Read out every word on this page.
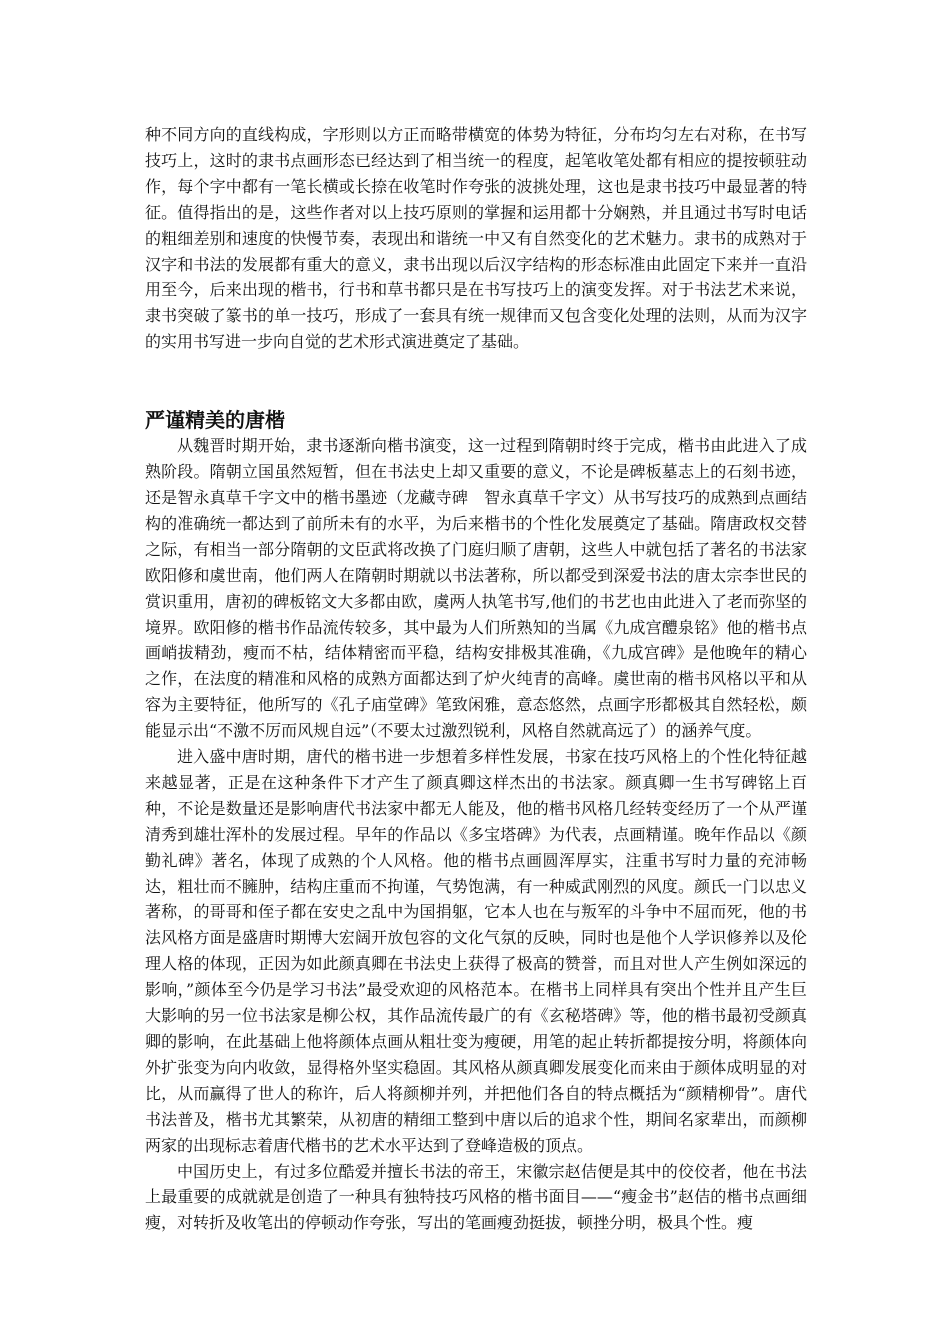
种不同方向的直线构成，字形则以方正而略带横宽的体势为特征，分布均匀左右对称，在书写技巧上，这时的隶书点画形态已经达到了相当统一的程度，起笔收笔处都有相应的提按顿驻动作，每个字中都有一笔长横或长捺在收笔时作夸张的波挑处理，这也是隶书技巧中最显著的特征。值得指出的是，这些作者对以上技巧原则的掌握和运用都十分娴熟，并且通过书写时电话的粗细差别和速度的快慢节奏，表现出和谐统一中又有自然变化的艺术魅力。隶书的成熟对于汉字和书法的发展都有重大的意义，隶书出现以后汉字结构的形态标准由此固定下来并一直沿用至今，后来出现的楷书，行书和草书都只是在书写技巧上的演变发挥。对于书法艺术来说，隶书突破了篆书的单一技巧，形成了一套具有统一规律而又包含变化处理的法则，从而为汉字的实用书写进一步向自觉的艺术形式演进奠定了基础。

严谨精美的唐楷

从魏晋时期开始，隶书逐渐向楷书演变，这一过程到隋朝时终于完成，楷书由此进入了成熟阶段。隋朝立国虽然短暂，但在书法史上却又重要的意义，不论是碑板墓志上的石刻书迹，还是智永真草千字文中的楷书墨迹（龙藏寺碑　智永真草千字文）从书写技巧的成熟到点画结构的准确统一都达到了前所未有的水平，为后来楷书的个性化发展奠定了基础。隋唐政权交替之际，有相当一部分隋朝的文臣武将改换了门庭归顺了唐朝，这些人中就包括了著名的书法家欧阳修和虞世南，他们两人在隋朝时期就以书法著称，所以都受到深爱书法的唐太宗李世民的赏识重用，唐初的碑板铭文大多都由欧，虞两人执笔书写,他们的书艺也由此进入了老而弥坚的境界。欧阳修的楷书作品流传较多，其中最为人们所熟知的当属《九成宫醴泉铭》他的楷书点画峭拔精劲，瘦而不枯，结体精密而平稳，结构安排极其准确，《九成宫碑》是他晚年的精心之作，在法度的精准和风格的成熟方面都达到了炉火纯青的高峰。虞世南的楷书风格以平和从容为主要特征，他所写的《孔子庙堂碑》笔致闲雅，意态悠然，点画字形都极其自然轻松，颇能显示出“不激不厉而风规自远”（不要太过激烈锐利，风格自然就高远了）的涵养气度。

进入盛中唐时期，唐代的楷书进一步想着多样性发展，书家在技巧风格上的个性化特征越来越显著，正是在这种条件下才产生了颜真卿这样杰出的书法家。颜真卿一生书写碑铭上百种，不论是数量还是影响唐代书法家中都无人能及，他的楷书风格几经转变经历了一个从严谨清秀到雄壮浑朴的发展过程。早年的作品以《多宝塔碑》为代表，点画精谨。晚年作品以《颜勤礼碑》著名，体现了成熟的个人风格。他的楷书点画圆浑厚实，注重书写时力量的充沛畅达，粗壮而不臃肿，结构庄重而不拘谨，气势饱满，有一种威武刚烈的风度。颜氏一门以忠义著称，的哥哥和侄子都在安史之乱中为国捐躯，它本人也在与叛军的斗争中不屈而死，他的书法风格方面是盛唐时期博大宏阔开放包容的文化气氛的反映，同时也是他个人学识修养以及伦理人格的体现，正因为如此颜真卿在书法史上获得了极高的赞誉，而且对世人产生例如深远的影响，”颜体至今仍是学习书法”最受欢迎的风格范本。在楷书上同样具有突出个性并且产生巨大影响的另一位书法家是柳公权，其作品流传最广的有《玄秘塔碑》等，他的楷书最初受颜真卿的影响，在此基础上他将颜体点画从粗壮变为瘦硬，用笔的起止转折都提按分明，将颜体向外扩张变为向内收敛，显得格外坚实稳固。其风格从颜真卿发展变化而来由于颜体成明显的对比，从而赢得了世人的称许，后人将颜柳并列，并把他们各自的特点概括为“颜精柳骨”。唐代书法普及，楷书尤其繁荣，从初唐的精细工整到中唐以后的追求个性，期间名家辈出，而颜柳两家的出现标志着唐代楷书的艺术水平达到了登峰造极的顶点。

中国历史上，有过多位酷爱并擅长书法的帝王，宋徽宗赵佶便是其中的佼佼者，他在书法上最重要的成就就是创造了一种具有独特技巧风格的楷书面目——“瘦金书”赵佶的楷书点画细瘦，对转折及收笔出的停顿动作夸张，写出的笔画瘦劲挺拔，顿挫分明，极具个性。瘦
